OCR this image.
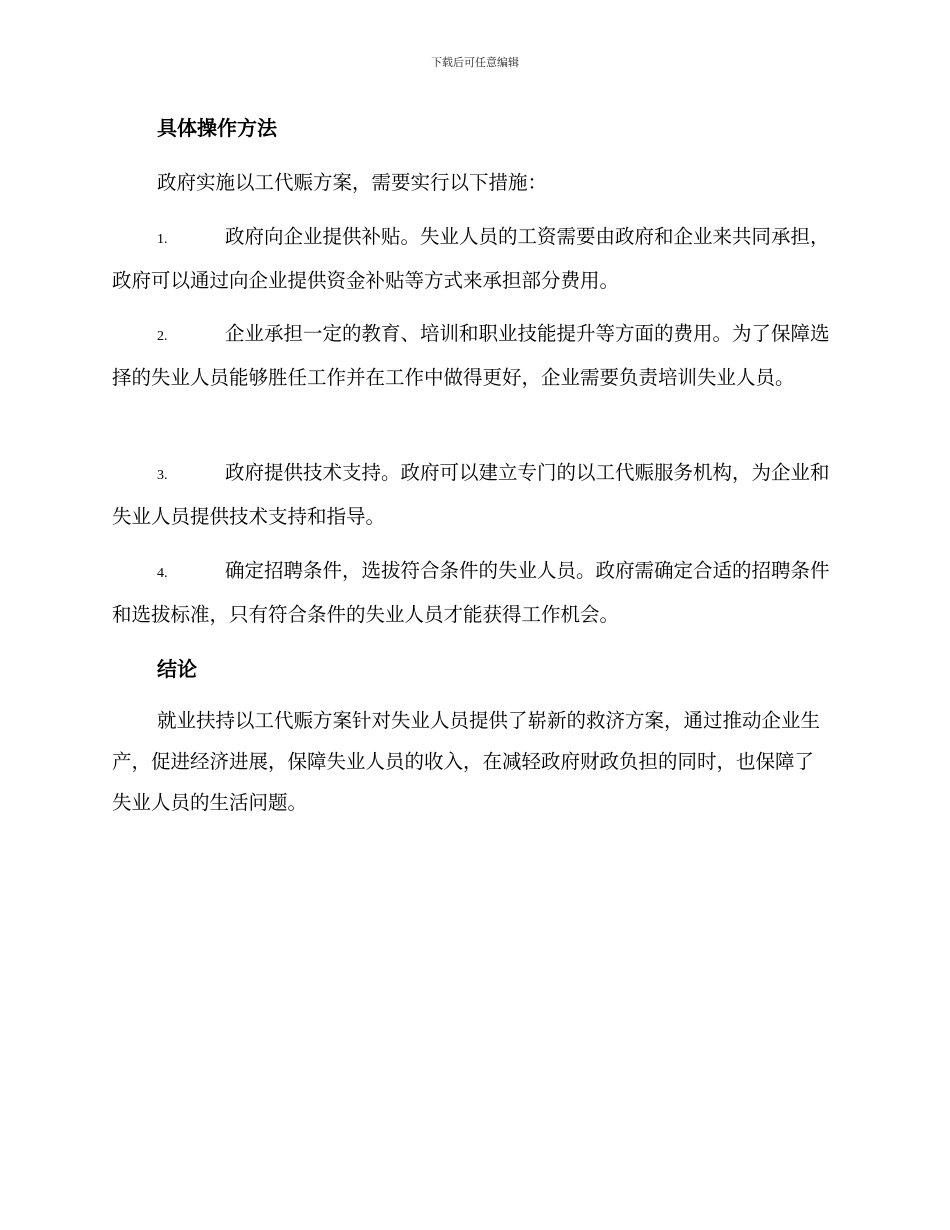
下载后可任意编辑
具体操作方法

政府实施以工代赈方案，需要实行以下措施：

1.	政府向企业提供补贴。失业人员的工资需要由政府和企业来共同承担，政府可以通过向企业提供资金补贴等方式来承担部分费用。

2.	企业承担一定的教育、培训和职业技能提升等方面的费用。为了保障选择的失业人员能够胜任工作并在工作中做得更好，企业需要负责培训失业人员。

3.	政府提供技术支持。政府可以建立专门的以工代赈服务机构，为企业和失业人员提供技术支持和指导。

4.	确定招聘条件，选拔符合条件的失业人员。政府需确定合适的招聘条件和选拔标准，只有符合条件的失业人员才能获得工作机会。

结论

就业扶持以工代赈方案针对失业人员提供了崭新的救济方案，通过推动企业生产，促进经济进展，保障失业人员的收入，在减轻政府财政负担的同时，也保障了失业人员的生活问题。
